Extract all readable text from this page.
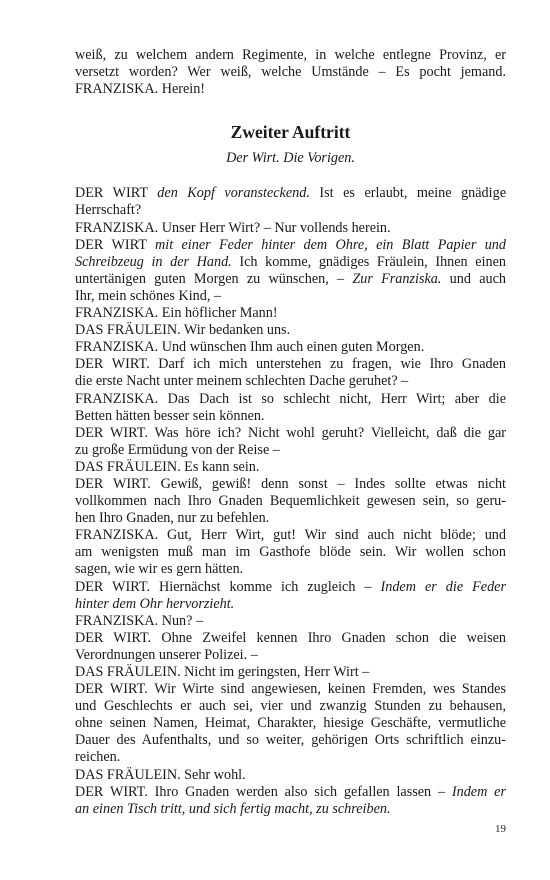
weiß, zu welchem andern Regimente, in welche entlegne Provinz, er
versetzt worden? Wer weiß, welche Umstände – Es pocht jemand.
FRANZISKA. Herein!
Zweiter Auftritt
Der Wirt. Die Vorigen.
DER WIRT den Kopf voransteckend. Ist es erlaubt, meine gnädige
Herrschaft?
FRANZISKA. Unser Herr Wirt? – Nur vollends herein.
DER WIRT mit einer Feder hinter dem Ohre, ein Blatt Papier und
Schreibzeug in der Hand. Ich komme, gnädiges Fräulein, Ihnen einen
untertänigen guten Morgen zu wünschen, – Zur Franziska. und auch
Ihr, mein schönes Kind, –
FRANZISKA. Ein höflicher Mann!
DAS FRÄULEIN. Wir bedanken uns.
FRANZISKA. Und wünschen Ihm auch einen guten Morgen.
DER WIRT. Darf ich mich unterstehen zu fragen, wie Ihro Gnaden
die erste Nacht unter meinem schlechten Dache geruhet? –
FRANZISKA. Das Dach ist so schlecht nicht, Herr Wirt; aber die
Betten hätten besser sein können.
DER WIRT. Was höre ich? Nicht wohl geruht? Vielleicht, daß die gar
zu große Ermüdung von der Reise –
DAS FRÄULEIN. Es kann sein.
DER WIRT. Gewiß, gewiß! denn sonst – Indes sollte etwas nicht
vollkommen nach Ihro Gnaden Bequemlichkeit gewesen sein, so geru-
hen Ihro Gnaden, nur zu befehlen.
FRANZISKA. Gut, Herr Wirt, gut! Wir sind auch nicht blöde; und
am wenigsten muß man im Gasthofe blöde sein. Wir wollen schon
sagen, wie wir es gern hätten.
DER WIRT. Hiernächst komme ich zugleich – Indem er die Feder
hinter dem Ohr hervorzieht.
FRANZISKA. Nun? –
DER WIRT. Ohne Zweifel kennen Ihro Gnaden schon die weisen
Verordnungen unserer Polizei. –
DAS FRÄULEIN. Nicht im geringsten, Herr Wirt –
DER WIRT. Wir Wirte sind angewiesen, keinen Fremden, wes Standes
und Geschlechts er auch sei, vier und zwanzig Stunden zu behausen,
ohne seinen Namen, Heimat, Charakter, hiesige Geschäfte, vermutliche
Dauer des Aufenthalts, und so weiter, gehörigen Orts schriftlich einzu-
reichen.
DAS FRÄULEIN. Sehr wohl.
DER WIRT. Ihro Gnaden werden also sich gefallen lassen – Indem er
an einen Tisch tritt, und sich fertig macht, zu schreiben.
19
